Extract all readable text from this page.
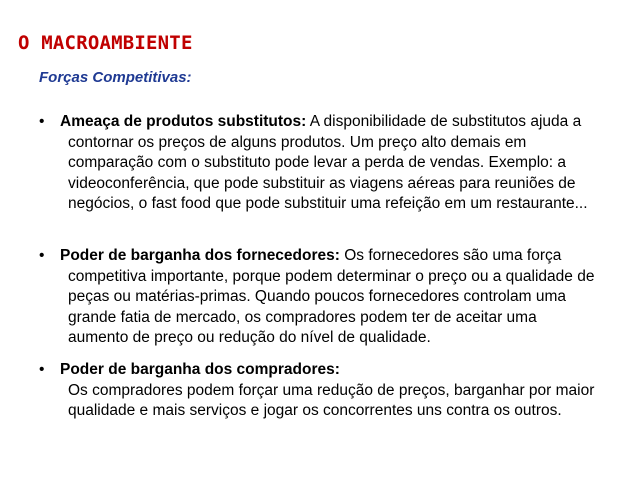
O MACROAMBIENTE
Forças Competitivas:
• Ameaça de produtos substitutos: A disponibilidade de substitutos ajuda a contornar os preços de alguns produtos. Um preço alto demais em comparação com o substituto pode levar a perda de vendas. Exemplo: a videoconferência, que pode substituir as viagens aéreas para reuniões de negócios, o fast food que pode substituir uma refeição em um restaurante...
• Poder de barganha dos fornecedores: Os fornecedores são uma força competitiva importante, porque podem determinar o preço ou a qualidade de peças ou matérias-primas. Quando poucos fornecedores controlam uma grande fatia de mercado, os compradores podem ter de aceitar uma aumento de preço ou redução do nível de qualidade.
• Poder de barganha dos compradores:
Os compradores podem forçar uma redução de preços, barganhar por maior qualidade e mais serviços e jogar os concorrentes uns contra os outros.
